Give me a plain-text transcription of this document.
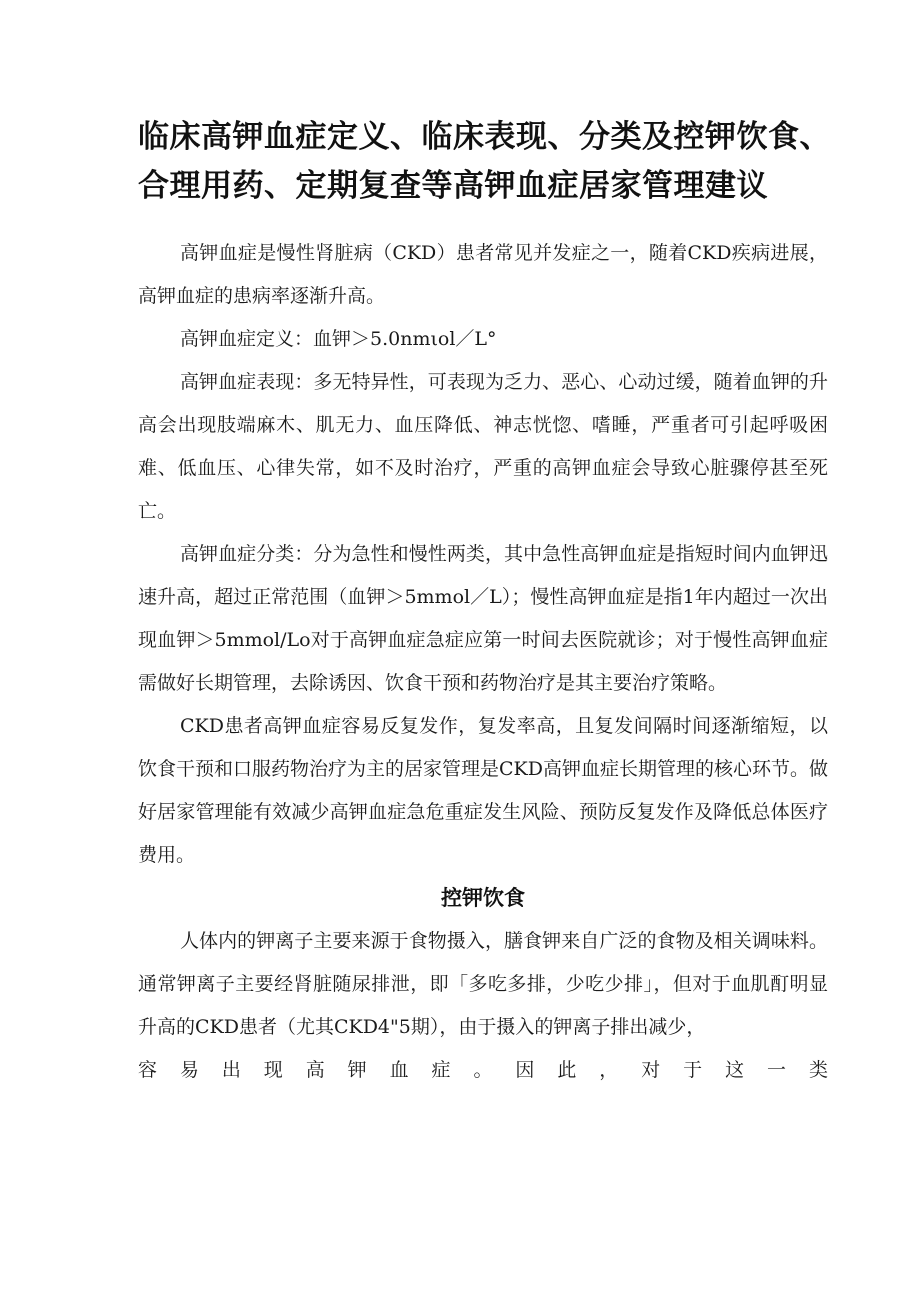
临床高钾血症定义、临床表现、分类及控钾饮食、
合理用药、定期复查等高钾血症居家管理建议

高钾血症是慢性肾脏病（CKD）患者常见并发症之一，随着CKD疾病进展，高钾血症的患病率逐渐升高。

高钾血症定义：血钾＞5.0nmιol／L°

高钾血症表现：多无特异性，可表现为乏力、恶心、心动过缓，随着血钾的升高会出现肢端麻木、肌无力、血压降低、神志恍惚、嗜睡，严重者可引起呼吸困难、低血压、心律失常，如不及时治疗，严重的高钾血症会导致心脏骤停甚至死亡。

高钾血症分类：分为急性和慢性两类，其中急性高钾血症是指短时间内血钾迅速升高，超过正常范围（血钾＞5mmol／L）；慢性高钾血症是指1年内超过一次出现血钾＞5mmol/Lo对于高钾血症急症应第一时间去医院就诊；对于慢性高钾血症需做好长期管理，去除诱因、饮食干预和药物治疗是其主要治疗策略。

CKD患者高钾血症容易反复发作，复发率高，且复发间隔时间逐渐缩短，以饮食干预和口服药物治疗为主的居家管理是CKD高钾血症长期管理的核心环节。做好居家管理能有效减少高钾血症急危重症发生风险、预防反复发作及降低总体医疗费用。

控钾饮食

人体内的钾离子主要来源于食物摄入，膳食钾来自广泛的食物及相关调味料。通常钾离子主要经肾脏随尿排泄，即「多吃多排，少吃少排」，但对于血肌酊明显升高的CKD患者（尤其CKD4"5期），由于摄入的钾离子排出减少，

容易出现高钾血症。因此，对于这一类
